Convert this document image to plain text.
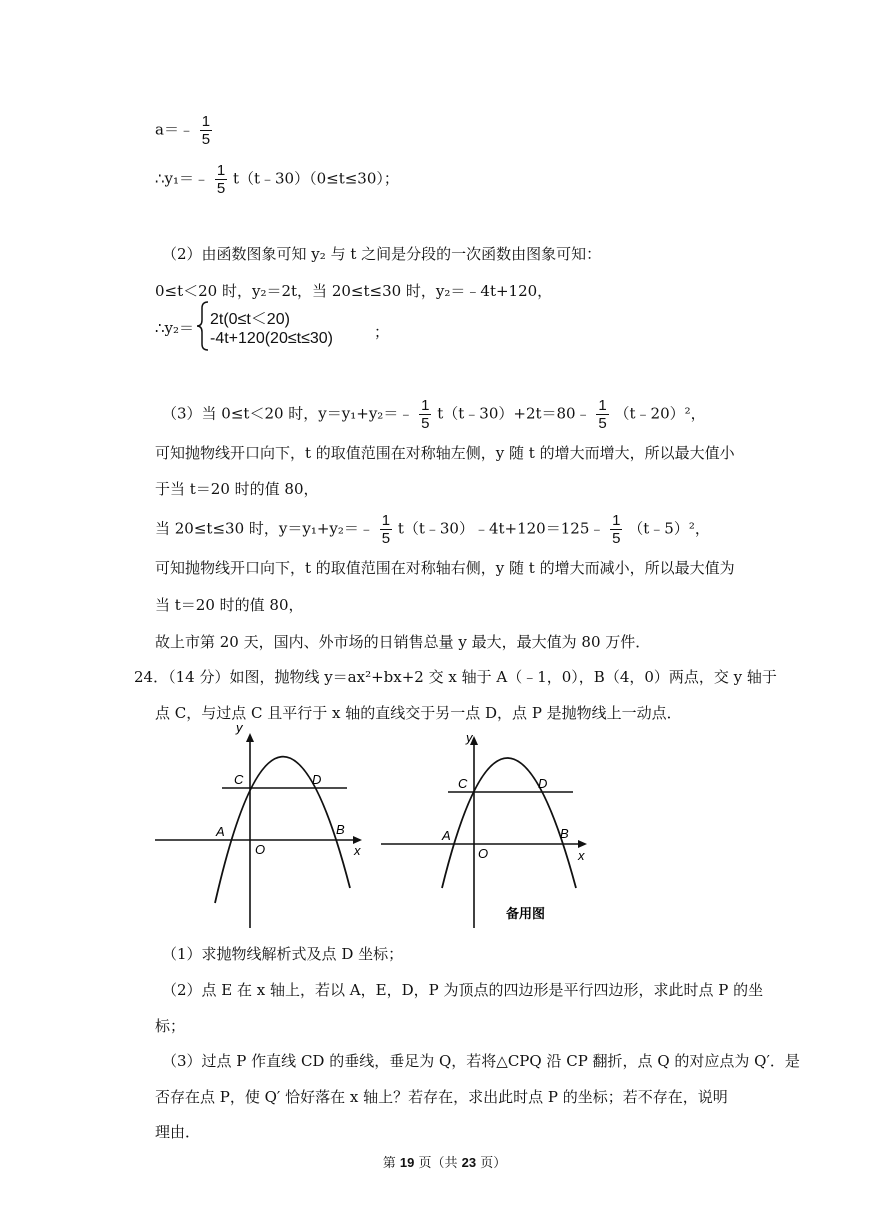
a＝﹣ $\frac{1}{5}$
∴y₁＝﹣ $\frac{1}{5}$ t（t﹣30）（0≤t≤30）；
（2）由函数图象可知 y₂ 与 t 之间是分段的一次函数由图象可知：
0≤t＜20 时，y₂＝2t，当 20≤t≤30 时，y₂＝﹣4t+120，
∴y₂＝ 2t(0≤t＜20)
-4t+120(20≤t≤30)	；
（3）当 0≤t＜20 时，y＝y₁+y₂＝﹣ $\frac{1}{5}$ t（t﹣30）+2t＝80﹣ $\frac{1}{5}$ （t﹣20）²，
可知抛物线开口向下，t 的取值范围在对称轴左侧，y 随 t 的增大而增大，所以最大值小
于当 t＝20 时的值 80，
当 20≤t≤30 时，y＝y₁+y₂＝﹣ $\frac{1}{5}$ t（t﹣30）﹣4t+120＝125﹣ $\frac{1}{5}$ （t﹣5）²，
可知抛物线开口向下，t 的取值范围在对称轴右侧，y 随 t 的增大而减小，所以最大值为
当 t＝20 时的值 80，
故上市第 20 天，国内、外市场的日销售总量 y 最大，最大值为 80 万件．
24．（14 分）如图，抛物线 y＝ax²+bx+2 交 x 轴于 A（﹣1，0），B（4，0）两点，交 y 轴于
点 C，与过点 C 且平行于 x 轴的直线交于另一点 D，点 P 是抛物线上一动点．
y
x
A	B
C	D
O
y
x
A	B
C	D
O
备用图
（1）求抛物线解析式及点 D 坐标；
（2）点 E 在 x 轴上，若以 A，E，D，P 为顶点的四边形是平行四边形，求此时点 P 的坐
标；
（3）过点 P 作直线 CD 的垂线，垂足为 Q，若将△CPQ 沿 CP 翻折，点 Q 的对应点为 Q′．是
否存在点 P，使 Q′ 恰好落在 x 轴上？若存在，求出此时点 P 的坐标；若不存在，说明
理由．
第 19 页（共 23 页）
